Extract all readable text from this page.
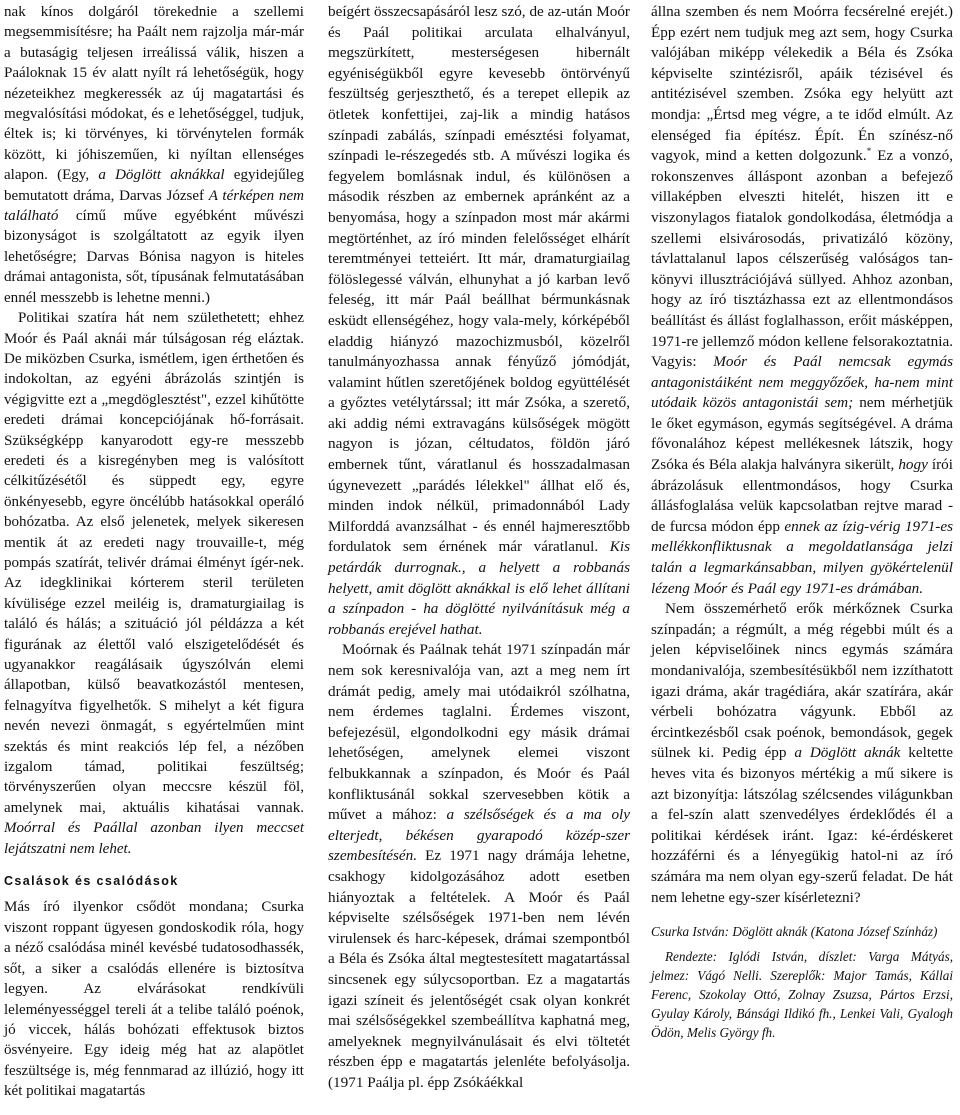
nak kínos dolgáról törekednie a szellemi megsemmisítésre; ha Paált nem rajzolja már-már a butaságig teljesen irreálissá válik, hiszen a Paáloknak 15 év alatt nyílt rá lehetőségük, hogy nézeteikhez megkeressék az új magatartási és megvalósítási módokat, és e lehetőséggel, tudjuk, éltek is; ki törvényes, ki törvénytelen formák között, ki jóhiszeműen, ki nyíltan ellenséges alapon. (Egy, a Döglött aknákkal egyidejűleg bemutatott dráma, Darvas József A térképen nem található című műve egyébként művészi bizonyságot is szolgáltatott az egyik ilyen lehetőségre; Darvas Bónisa nagyon is hiteles drámai antagonista, sőt, típusának felmutatásában ennél messzebb is lehetne menni.)

Politikai szatíra hát nem születhetett; ehhez Moór és Paál aknái már túlságosan rég eláztak. De miközben Csurka, ismétlem, igen érthetően és indokoltan, az egyéni ábrázolás szintjén is végigvitte ezt a „megdöglesztést", ezzel kihűtötte eredeti drámai koncepciójának hő-forrásait. Szükségképp kanyarodott egy-re messzebb eredeti és a kisregényben meg is valósított célkitűzésétől és süppedt egy, egyre önkényesebb, egyre öncélúbb hatásokkal operáló bohózatba. Az első jelenetek, melyek sikeresen mentik át az eredeti nagy trouvaille-t, még pompás szatírát, telivér drámai élményt ígér-nek. Az idegklinikai kórterem steril területen kívülisége ezzel meiléig is, dramaturgiailag is találó és hálás; a szituáció jól példázza a két figurának az élettől való elszigetelődését és ugyanakkor reagálásaik úgyszólván elemi állapotban, külső beavatkozástól mentesen, felnagyítva figyelhetők. S mihelyt a két figura nevén nevezi önmagát, s egyértelműen mint szektás és mint reakciós lép fel, a nézőben izgalom támad, politikai feszültség; törvényszerűen olyan meccsre készül föl, amelynek mai, aktuális kihatásai vannak. Moórral és Paállal azonban ilyen meccset lejátszatni nem lehet.

Csalások és csalódások

Más író ilyenkor csődöt mondana; Csurka viszont roppant ügyesen gondoskodik róla, hogy a néző csalódása minél kevésbé tudatosodhassék, sőt, a siker a csalódás ellenére is biztosítva legyen. Az elvárásokat rendkívüli leleményességgel tereli át a telibe találó poénok, jó viccek, hálás bohózati effektusok biztos ösvényeire. Egy ideig még hat az alapötlet feszültsége is, még fennmarad az illúzió, hogy itt két politikai magatartás

beígért összecsapásáról lesz szó, de az-után Moór és Paál politikai arculata elhalványul, megszürkített, mesterségesen hibernált egyéniségükből egyre kevesebb öntörvényű feszültség gerjeszthető, és a terepet ellepik az ötletek konfettijei, zaj-lik a mindig hatásos színpadi zabálás, színpadi emésztési folyamat, színpadi le-részegedés stb. A művészi logika és fegyelem bomlásnak indul, és különösen a második részben az embernek apránként az a benyomása, hogy a színpadon most már akármi megtörténhet, az író minden felelősséget elhárít teremtményei tetteiért. Itt már, dramaturgiailag fölöslegessé válván, elhunyhat a jó karban levő feleség, itt már Paál beállhat bérmunkásnak esküdt ellenségéhez, hogy vala-mely, kórképéből eladdig hiányzó mazochizmusból, közelről tanulmányozhassa annak fényűző jómódját, valamint hűtlen szeretőjének boldog együttélését a győztes vetélytárssal; itt már Zsóka, a szerető, aki addig némi extravagáns külsőségek mögött nagyon is józan, céltudatos, földön járó embernek tűnt, váratlanul és hosszadalmasan úgynevezett „parádés lélekkel" állhat elő és, minden indok nélkül, primadonnából Lady Milforddá avanzsálhat - és ennél hajmeresztőbb fordulatok sem érnének már váratlanul. Kis petárdák durrognak., a helyett a robbanás helyett, amit döglött aknákkal is elő lehet állítani a színpadon - ha döglötté nyilvánításuk még a robbanás erejével hathat.

Moórnak és Paálnak tehát 1971 színpadán már nem sok keresnivalója van, azt a meg nem írt drámát pedig, amely mai utódaikról szólhatna, nem érdemes taglalni. Érdemes viszont, befejezésül, elgondolkodni egy másik drámai lehetőségen, amelynek elemei viszont felbukkannak a színpadon, és Moór és Paál konfliktusánál sokkal szervesebben kötik a művet a mához: a szélsőségek és a ma oly elterjedt, békésen gyarapodó közép-szer szembesítésén. Ez 1971 nagy drámája lehetne, csakhogy kidolgozásához adott esetben hiányoztak a feltételek. A Moór és Paál képviselte szélsőségek 1971-ben nem lévén virulensek és harc-képesek, drámai szempontból a Béla és Zsóka által megtestesített magatartással sincsenek egy súlycsoportban. Ez a magatartás igazi színeit és jelentőségét csak olyan konkrét mai szélsőségekkel szembeállítva kaphatná meg, amelyeknek megnyilvánulásait és elvi töltetét részben épp e magatartás jelenléte befolyásolja. (1971 Paálja pl. épp Zsókáékkal

állna szemben és nem Moórra fecsérelné erejét.) Épp ezért nem tudjuk meg azt sem, hogy Csurka valójában miképp vélekedik a Béla és Zsóka képviselte szintézisről, apáik tézisével és antitézisével szemben. Zsóka egy helyütt azt mondja: „Értsd meg végre, a te időd elmúlt. Az elenséged fia építész. Épít. Én színész-nő vagyok, mind a ketten dolgozunk.* Ez a vonzó, rokonszenves álláspont azonban a befejező villaképben elveszti hitelét, hiszen itt e viszonylagos fiatalok gondolkodása, életmódja a szellemi elsivárosodás, privatizáló közöny, távlattalanul lapos célszerűség valóságos tan-könyvi illusztrációjává süllyed. Ahhoz azonban, hogy az író tisztázhassa ezt az ellentmondásos beállítást és állást foglalhasson, erőit másképpen, 1971-re jellemző módon kellene felsorakoztatnia. Vagyis: Moór és Paál nemcsak egymás antagonistáiként nem meggyőzőek, ha-nem mint utódaik közös antagonistái sem; nem mérhetjük le őket egymáson, egymás segítségével. A dráma fővonalához képest mellékesnek látszik, hogy Zsóka és Béla alakja halványra sikerült, hogy írói ábrázolásuk ellentmondásos, hogy Csurka állásfoglalása velük kapcsolatban rejtve marad - de furcsa módon épp ennek az ízig-vérig 1971-es mellékkonfliktusnak a megoldatlansága jelzi talán a legmarkánsabban, milyen gyökértelenül lézeng Moór és Paál egy 1971-es drámában.

Nem összemérhető erők mérkőznek Csurka színpadán; a régmúlt, a még régebbi múlt és a jelen képviselőinek nincs egymás számára mondanivalója, szembesítésükből nem izzíthatott igazi dráma, akár tragédiára, akár szatírára, akár vérbeli bohózatra vágyunk. Ebből az ércintkezésből csak poénok, bemondások, gegek sülnek ki. Pedig épp a Döglött aknák keltette heves vita és bizonyos mértékig a mű sikere is azt bizonyítja: látszólag szélcsendes világunkban a fel-szín alatt szenvedélyes érdeklődés él a politikai kérdések iránt. Igaz: ké-érdéskeret hozzáférni és a lényegükig hatol-ni az író számára ma nem olyan egy-szerű feladat. De hát nem lehetne egy-szer kísérletezni?

Csurka István: Döglött aknák (Katona József Színház)
Rendezte: Iglódi István, díszlet: Varga Mátyás, jelmez: Vágó Nelli. Szereplők: Major Tamás, Kállai Ferenc, Szokolay Ottó, Zolnay Zsuzsa, Pártos Erzsi, Gyulay Károly, Bánsági Ildikó fh., Lenkei Vali, Gyalogh Ödön, Melis György fh.
